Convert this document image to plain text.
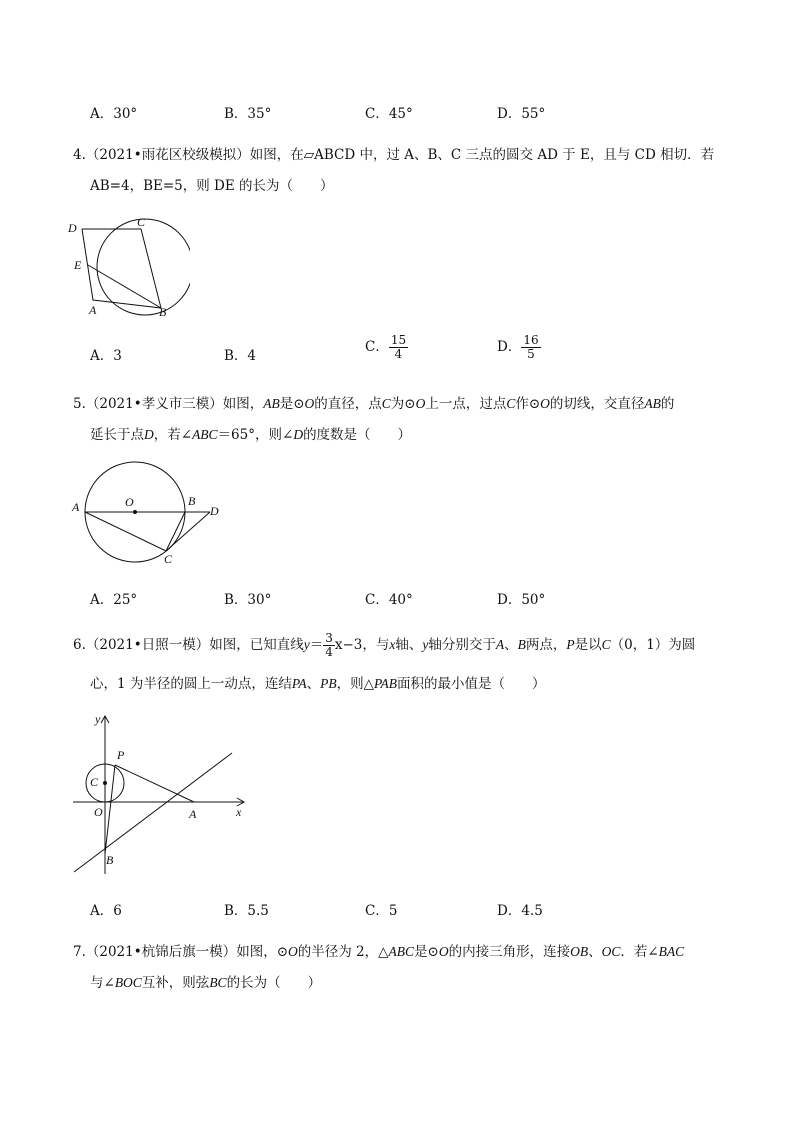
A．30°	B．35°	C．45°	D．55°
4.（2021•雨花区校级模拟）如图，在▱ABCD 中，过 A、B、C 三点的圆交 AD 于 E，且与 CD 相切．若
AB=4，BE=5，则 DE 的长为（　　）
D	C
E
A	B
A．3	B．4
C． $\frac{15}{4}$	D． $\frac{16}{5}$
5.（2021•孝义市三模）如图，AB是⊙O的直径，点C为⊙O上一点，过点C作⊙O的切线，交直径AB的
延长于点D，若∠ABC＝65°，则∠D的度数是（　　）
A	O	B
D
C
A．25°	B．30°	C．40°	D．50°
6.（2021•日照一模）如图，已知直线$y= \frac{3}{4} x-3$，与x轴、y轴分别交于A、B两点，P是以C（0，1）为圆
心，1 为半径的圆上一动点，连结PA、PB，则△PAB面积的最小值是（　　）
y
P
C
O	A	x
B
A．6	B．5.5	C．5	D．4.5
7.（2021•杭锦后旗一模）如图，⊙O的半径为 2，△ABC是⊙O的内接三角形，连接OB、OC．若∠BAC
与∠BOC互补，则弦BC的长为（　　）
